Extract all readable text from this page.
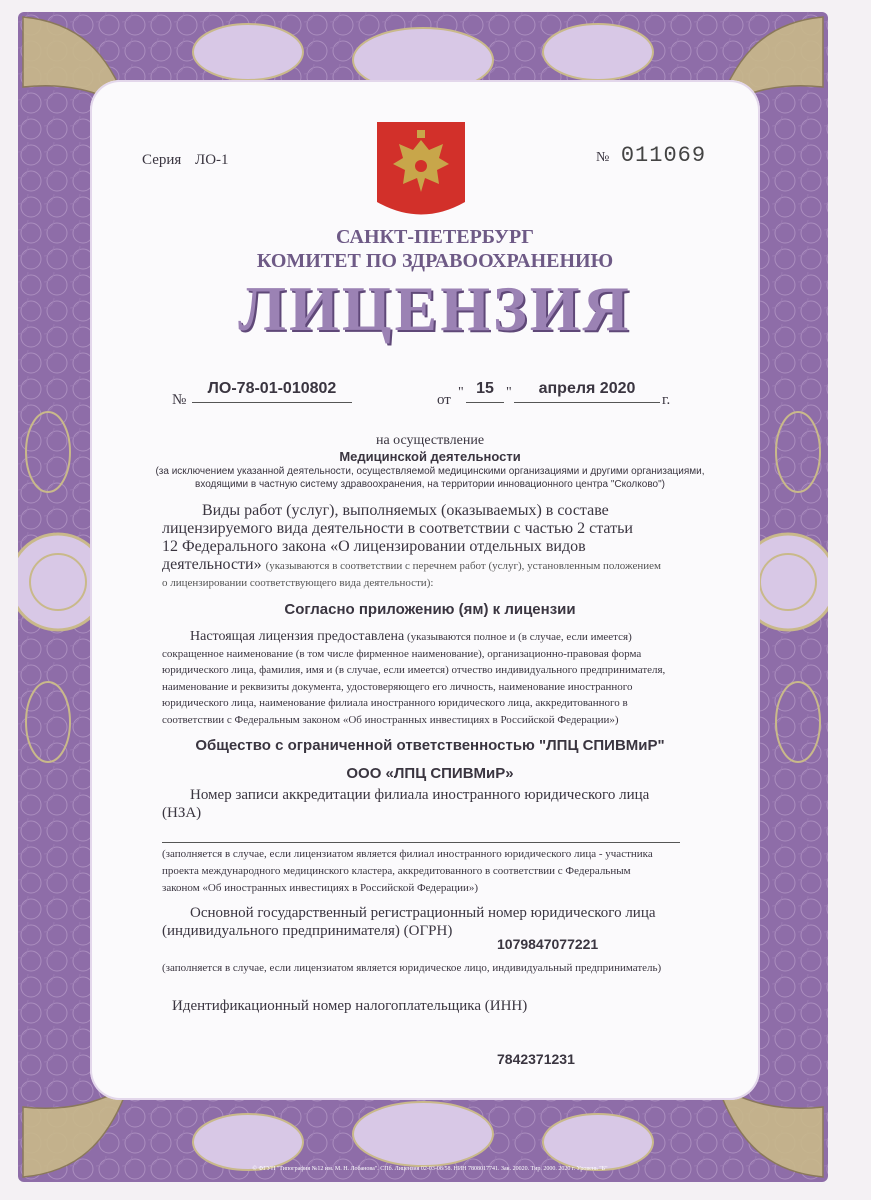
Серия ЛО-1	№ 011069
САНКТ-ПЕТЕРБУРГ
КОМИТЕТ ПО ЗДРАВООХРАНЕНИЮ
ЛИЦЕНЗИЯ
№
ЛО-78-01-010802
от " 15 "	апреля 2020
г.
на осуществление
Медицинской деятельности
(за исключением указанной деятельности, осуществляемой медицинскими организациями и другими организациями,
входящими в частную систему здравоохранения, на территории инновационного центра "Сколково")
Виды работ (услуг), выполняемых (оказываемых) в составе
лицензируемого вида деятельности в соответствии с частью 2 статьи
12 Федерального закона «О лицензировании отдельных видов
деятельности» (указываются в соответствии с перечнем работ (услуг), установленным положением
о лицензировании соответствующего вида деятельности):
Согласно приложению (ям) к лицензии
Настоящая лицензия предоставлена (указываются полное и (в случае, если имеется)
сокращенное наименование (в том числе фирменное наименование), организационно-правовая форма
юридического лица, фамилия, имя и (в случае, если имеется) отчество индивидуального предпринимателя,
наименование и реквизиты документа, удостоверяющего его личность, наименование иностранного
юридического лица, наименование филиала иностранного юридического лица, аккредитованного в
соответствии с Федеральным законом «Об иностранных инвестициях в Российской Федерации»)
Общество с ограниченной ответственностью "ЛПЦ СПИВМиР"
ООО «ЛПЦ СПИВМиР»
Номер записи аккредитации филиала иностранного юридического лица
(НЗА)
(заполняется в случае, если лицензиатом является филиал иностранного юридического лица - участника
проекта международного медицинского кластера, аккредитованного в соответствии с Федеральным
законом «Об иностранных инвестициях в Российской Федерации»)
Основной государственный регистрационный номер юридического лица
(индивидуального предпринимателя) (ОГРН)
1079847077221
(заполняется в случае, если лицензиатом является юридическое лицо, индивидуальный предприниматель)
Идентификационный номер налогоплательщика (ИНН)
7842371231
© ФГУП "Типография №12 им. М. Н. Лобанова". СПб. Лицензия 02-03-08/58. НИН 7808017741. Зак. 20020. Тир. 2000. 2020 г. Уровень "Б"
